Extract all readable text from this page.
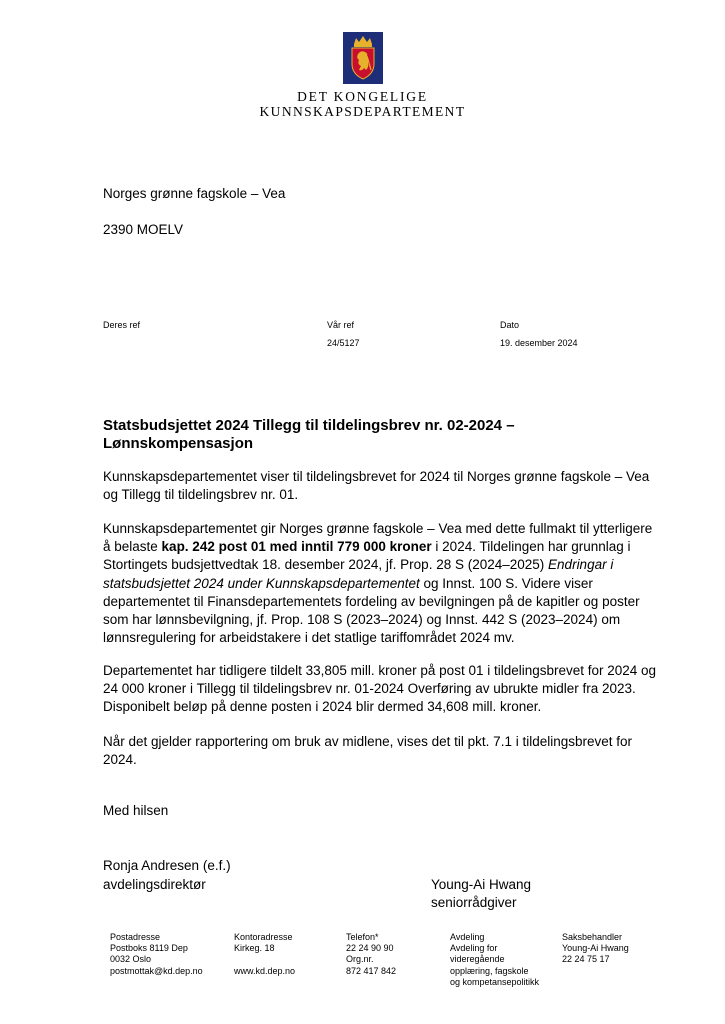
DET KONGELIGE
KUNNSKAPSDEPARTEMENT
Norges grønne fagskole – Vea
2390 MOELV
Deres ref	Vår ref
24/5127
Dato
19. desember 2024
Statsbudsjettet 2024 Tillegg til tildelingsbrev nr. 02-2024 – Lønnskompensasjon
Kunnskapsdepartementet viser til tildelingsbrevet for 2024 til Norges grønne fagskole – Vea og Tillegg til tildelingsbrev nr. 01.
Kunnskapsdepartementet gir Norges grønne fagskole – Vea med dette fullmakt til ytterligere å belaste kap. 242 post 01 med inntil 779 000 kroner i 2024. Tildelingen har grunnlag i Stortingets budsjettvedtak 18. desember 2024, jf. Prop. 28 S (2024–2025) Endringar i statsbudsjettet 2024 under Kunnskapsdepartementet og Innst. 100 S. Videre viser departementet til Finansdepartementets fordeling av bevilgningen på de kapitler og poster som har lønnsbevilgning, jf. Prop. 108 S (2023–2024) og Innst. 442 S (2023–2024) om lønnsregulering for arbeidstakere i det statlige tariffområdet 2024 mv.
Departementet har tidligere tildelt 33,805 mill. kroner på post 01 i tildelingsbrevet for 2024 og 24 000 kroner i Tillegg til tildelingsbrev nr. 01-2024 Overføring av ubrukte midler fra 2023. Disponibelt beløp på denne posten i 2024 blir dermed 34,608 mill. kroner.
Når det gjelder rapportering om bruk av midlene, vises det til pkt. 7.1 i tildelingsbrevet for 2024.
Med hilsen
Ronja Andresen (e.f.)
avdelingsdirektør	Young-Ai Hwang
seniorrådgiver
Postadresse
Postboks 8119 Dep
0032 Oslo
postmottak@kd.dep.no
Kontoradresse
Kirkeg. 18

www.kd.dep.no
Telefon*
22 24 90 90
Org.nr.
872 417 842
Avdeling
Avdeling for
videregående
opplæring, fagskole
og kompetansepolitikk
Saksbehandler
Young-Ai Hwang
22 24 75 17
